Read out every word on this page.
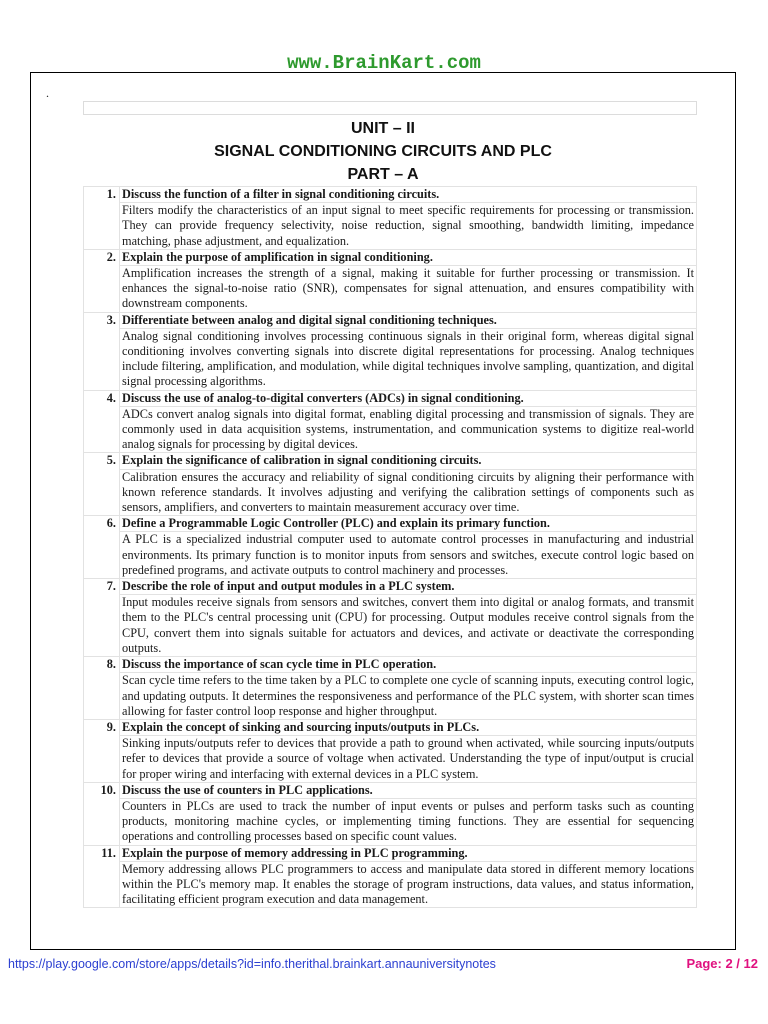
www.BrainKart.com
.
UNIT – II
SIGNAL CONDITIONING CIRCUITS AND PLC
PART – A
1.	Discuss the function of a filter in signal conditioning circuits.
	Filters modify the characteristics of an input signal to meet specific requirements for processing or transmission. They can provide frequency selectivity, noise reduction, signal smoothing, bandwidth limiting, impedance matching, phase adjustment, and equalization.
2.	Explain the purpose of amplification in signal conditioning.
	Amplification increases the strength of a signal, making it suitable for further processing or transmission. It enhances the signal-to-noise ratio (SNR), compensates for signal attenuation, and ensures compatibility with downstream components.
3.	Differentiate between analog and digital signal conditioning techniques.
	Analog signal conditioning involves processing continuous signals in their original form, whereas digital signal conditioning involves converting signals into discrete digital representations for processing. Analog techniques include filtering, amplification, and modulation, while digital techniques involve sampling, quantization, and digital signal processing algorithms.
4.	Discuss the use of analog-to-digital converters (ADCs) in signal conditioning.
	ADCs convert analog signals into digital format, enabling digital processing and transmission of signals. They are commonly used in data acquisition systems, instrumentation, and communication systems to digitize real-world analog signals for processing by digital devices.
5.	Explain the significance of calibration in signal conditioning circuits.
	Calibration ensures the accuracy and reliability of signal conditioning circuits by aligning their performance with known reference standards. It involves adjusting and verifying the calibration settings of components such as sensors, amplifiers, and converters to maintain measurement accuracy over time.
6.	Define a Programmable Logic Controller (PLC) and explain its primary function.
	A PLC is a specialized industrial computer used to automate control processes in manufacturing and industrial environments. Its primary function is to monitor inputs from sensors and switches, execute control logic based on predefined programs, and activate outputs to control machinery and processes.
7.	Describe the role of input and output modules in a PLC system.
	Input modules receive signals from sensors and switches, convert them into digital or analog formats, and transmit them to the PLC's central processing unit (CPU) for processing. Output modules receive control signals from the CPU, convert them into signals suitable for actuators and devices, and activate or deactivate the corresponding outputs.
8.	Discuss the importance of scan cycle time in PLC operation.
	Scan cycle time refers to the time taken by a PLC to complete one cycle of scanning inputs, executing control logic, and updating outputs. It determines the responsiveness and performance of the PLC system, with shorter scan times allowing for faster control loop response and higher throughput.
9.	Explain the concept of sinking and sourcing inputs/outputs in PLCs.
	Sinking inputs/outputs refer to devices that provide a path to ground when activated, while sourcing inputs/outputs refer to devices that provide a source of voltage when activated. Understanding the type of input/output is crucial for proper wiring and interfacing with external devices in a PLC system.
10.	Discuss the use of counters in PLC applications.
	Counters in PLCs are used to track the number of input events or pulses and perform tasks such as counting products, monitoring machine cycles, or implementing timing functions. They are essential for sequencing operations and controlling processes based on specific count values.
11.	Explain the purpose of memory addressing in PLC programming.
	Memory addressing allows PLC programmers to access and manipulate data stored in different memory locations within the PLC's memory map. It enables the storage of program instructions, data values, and status information, facilitating efficient program execution and data management.
https://play.google.com/store/apps/details?id=info.therithal.brainkart.annauniversitynotes	Page: 2 / 12
